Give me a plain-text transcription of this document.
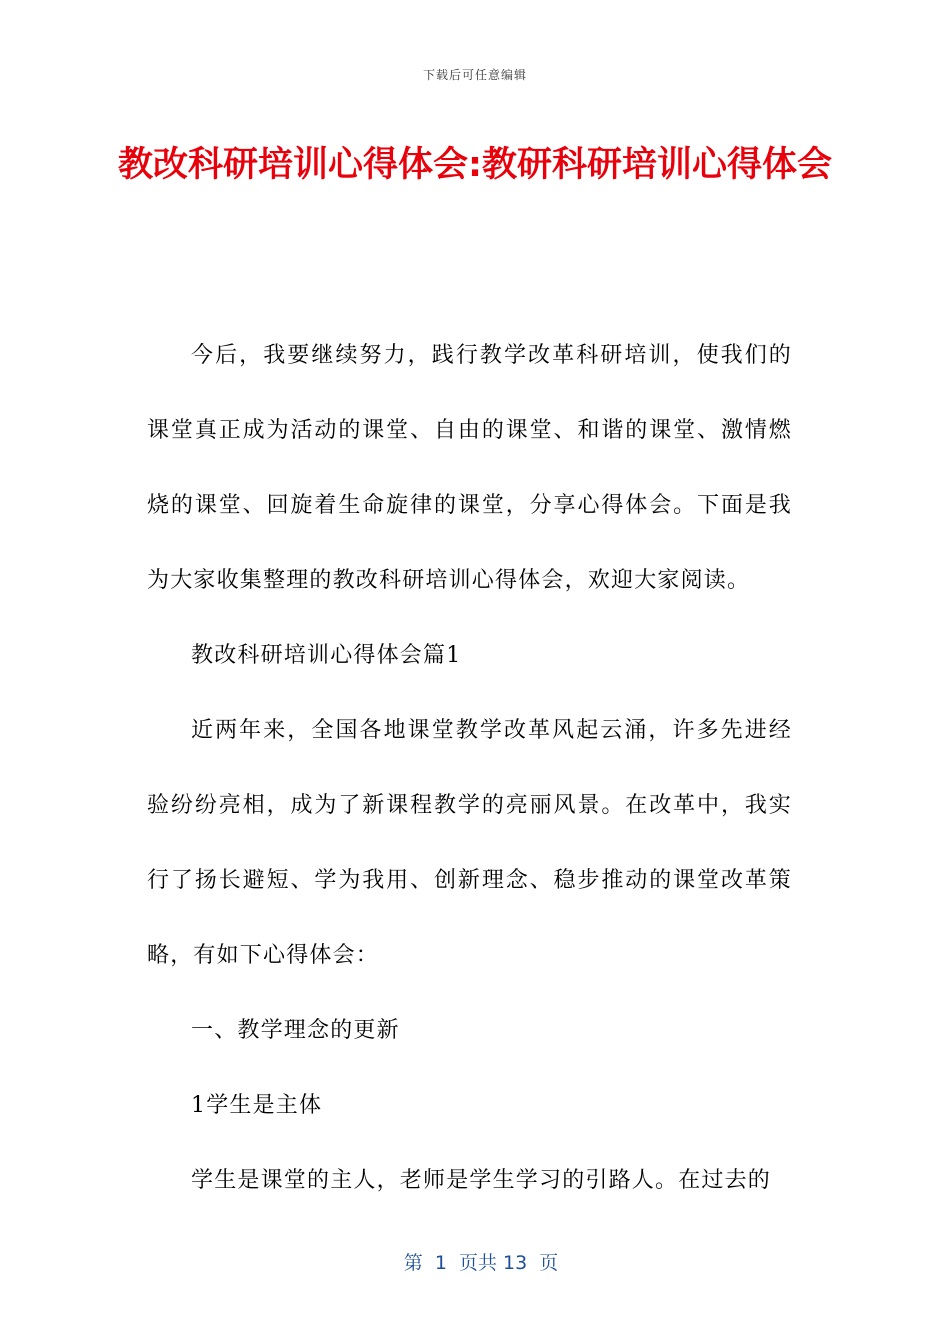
下载后可任意编辑
教改科研培训心得体会:教研科研培训心得体会

今后，我要继续努力，践行教学改革科研培训，使我们的课堂真正成为活动的课堂、自由的课堂、和谐的课堂、激情燃烧的课堂、回旋着生命旋律的课堂，分享心得体会。下面是我为大家收集整理的教改科研培训心得体会，欢迎大家阅读。

教改科研培训心得体会篇1

近两年来，全国各地课堂教学改革风起云涌，许多先进经验纷纷亮相，成为了新课程教学的亮丽风景。在改革中，我实行了扬长避短、学为我用、创新理念、稳步推动的课堂改革策略，有如下心得体会：

一、教学理念的更新

1学生是主体

学生是课堂的主人，老师是学生学习的引路人。在过去的

第  1  页共 13  页
